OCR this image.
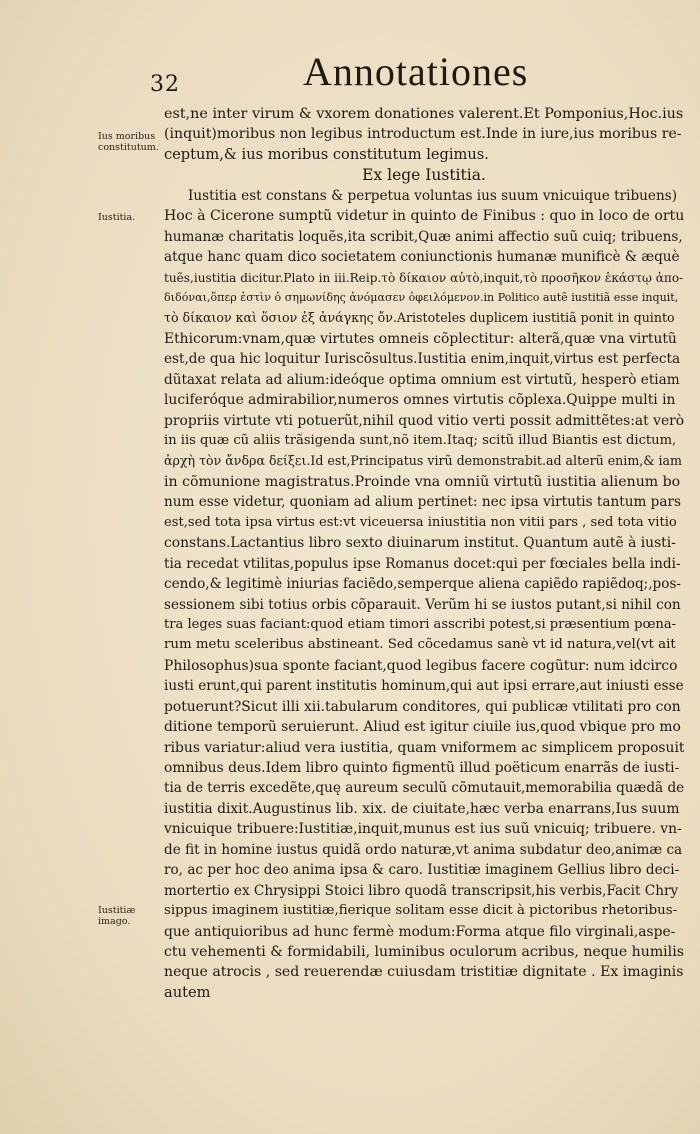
32	Annotationes
Ius moribus constitutum.
Iustitia.
Iustitiæ imago.
est,ne inter virum & vxorem donationes valerent.Et Pomponius,Hoc.ius
(inquit)moribus non legibus introductum est.Inde in iure,ius moribus re-
ceptum,& ius moribus constitutum legimus.
Ex lege Iustitia.
Iustitia est constans & perpetua voluntas ius suum vnicuique tribuens)
Hoc à Cicerone sumptũ videtur in quinto de Finibus : quo in loco de ortu
humanæ charitatis loquẽs,ita scribit,Quæ animi affectio suũ cuiq; tribuens,
atque hanc quam dico societatem coniunctionis humanæ munificè & æquè
tuẽs,iustitia dicitur.Plato in iii.Reip.τὸ δίκαιον αὐτὸ,inquit,τὸ προσῆκον ἑκάστῳ ἀπο-
διδόναι,ὅπερ ἐστὶν ὁ σημωνίδης ἀνόμασεν ὀφειλόμενον.in Politico autẽ iustitiã esse inquit,
τὸ δίκαιον καὶ ὅσιον ἐξ ἀνάγκης ὄν.Aristoteles duplicem iustitiã ponit in quinto
Ethicorum:vnam,quæ virtutes omneis cõplectitur: alterã,quæ vna virtutũ
est,de qua hic loquitur Iuriscõsultus.Iustitia enim,inquit,virtus est perfecta
dũtaxat relata ad alium:ideóque optima omnium est virtutũ, hesperò etiam
luciferóque admirabilior,numeros omnes virtutis cõplexa.Quippe multi in
propriis virtute vti potuerũt,nihil quod vitio verti possit admittẽtes:at verò
in iis quæ cũ aliis trãsigenda sunt,nõ item.Itaq; scitũ illud Biantis est dictum,
ἀρχὴ τὸν ἄνδρα δείξει.Id est,Principatus virũ demonstrabit.ad alterũ enim,& iam
in cõmunione magistratus.Proinde vna omniũ virtutũ iustitia alienum bo
num esse videtur, quoniam ad alium pertinet: nec ipsa virtutis tantum pars
est,sed tota ipsa virtus est:vt viceuersa iniustitia non vitii pars , sed tota vitio
constans.Lactantius libro sexto diuinarum institut. Quantum autẽ à iusti-
tia recedat vtilitas,populus ipse Romanus docet:qui per fœciales bella indi-
cendo,& legitimè iniurias faciẽdo,semperque aliena capiẽdo rapiẽdoq;,pos-
sessionem sibi totius orbis cõparauit. Verũm hi se iustos putant,si nihil con
tra leges suas faciant:quod etiam timori asscribi potest,si præsentium pœna-
rum metu sceleribus abstineant. Sed cõcedamus sanè vt id natura,vel(vt ait
Philosophus)sua sponte faciant,quod legibus facere cogũtur: num idcirco
iusti erunt,qui parent institutis hominum,qui aut ipsi errare,aut iniusti esse
potuerunt?Sicut illi xii.tabularum conditores, qui publicæ vtilitati pro con
ditione temporũ seruierunt. Aliud est igitur ciuile ius,quod vbique pro mo
ribus variatur:aliud vera iustitia, quam vniformem ac simplicem proposuit
omnibus deus.Idem libro quinto figmentũ illud poëticum enarrãs de iusti-
tia de terris excedẽte,quę aureum seculũ cõmutauit,memorabilia quædã de
iustitia dixit.Augustinus lib. xix. de ciuitate,hæc verba enarrans,Ius suum
vnicuique tribuere:Iustitiæ,inquit,munus est ius suũ vnicuiq; tribuere. vn-
de fit in homine iustus quidã ordo naturæ,vt anima subdatur deo,animæ ca
ro, ac per hoc deo anima ipsa & caro. Iustitiæ imaginem Gellius libro deci-
mortertio ex Chrysippi Stoici libro quodã transcripsit,his verbis,Facit Chry
sippus imaginem iustitiæ,fierique solitam esse dicit à pictoribus rhetoribus-
que antiquioribus ad hunc fermè modum:Forma atque filo virginali,aspe-
ctu vehementi & formidabili, luminibus oculorum acribus, neque humilis
neque atrocis , sed reuerendæ cuiusdam tristitiæ dignitate . Ex imaginis
autem
